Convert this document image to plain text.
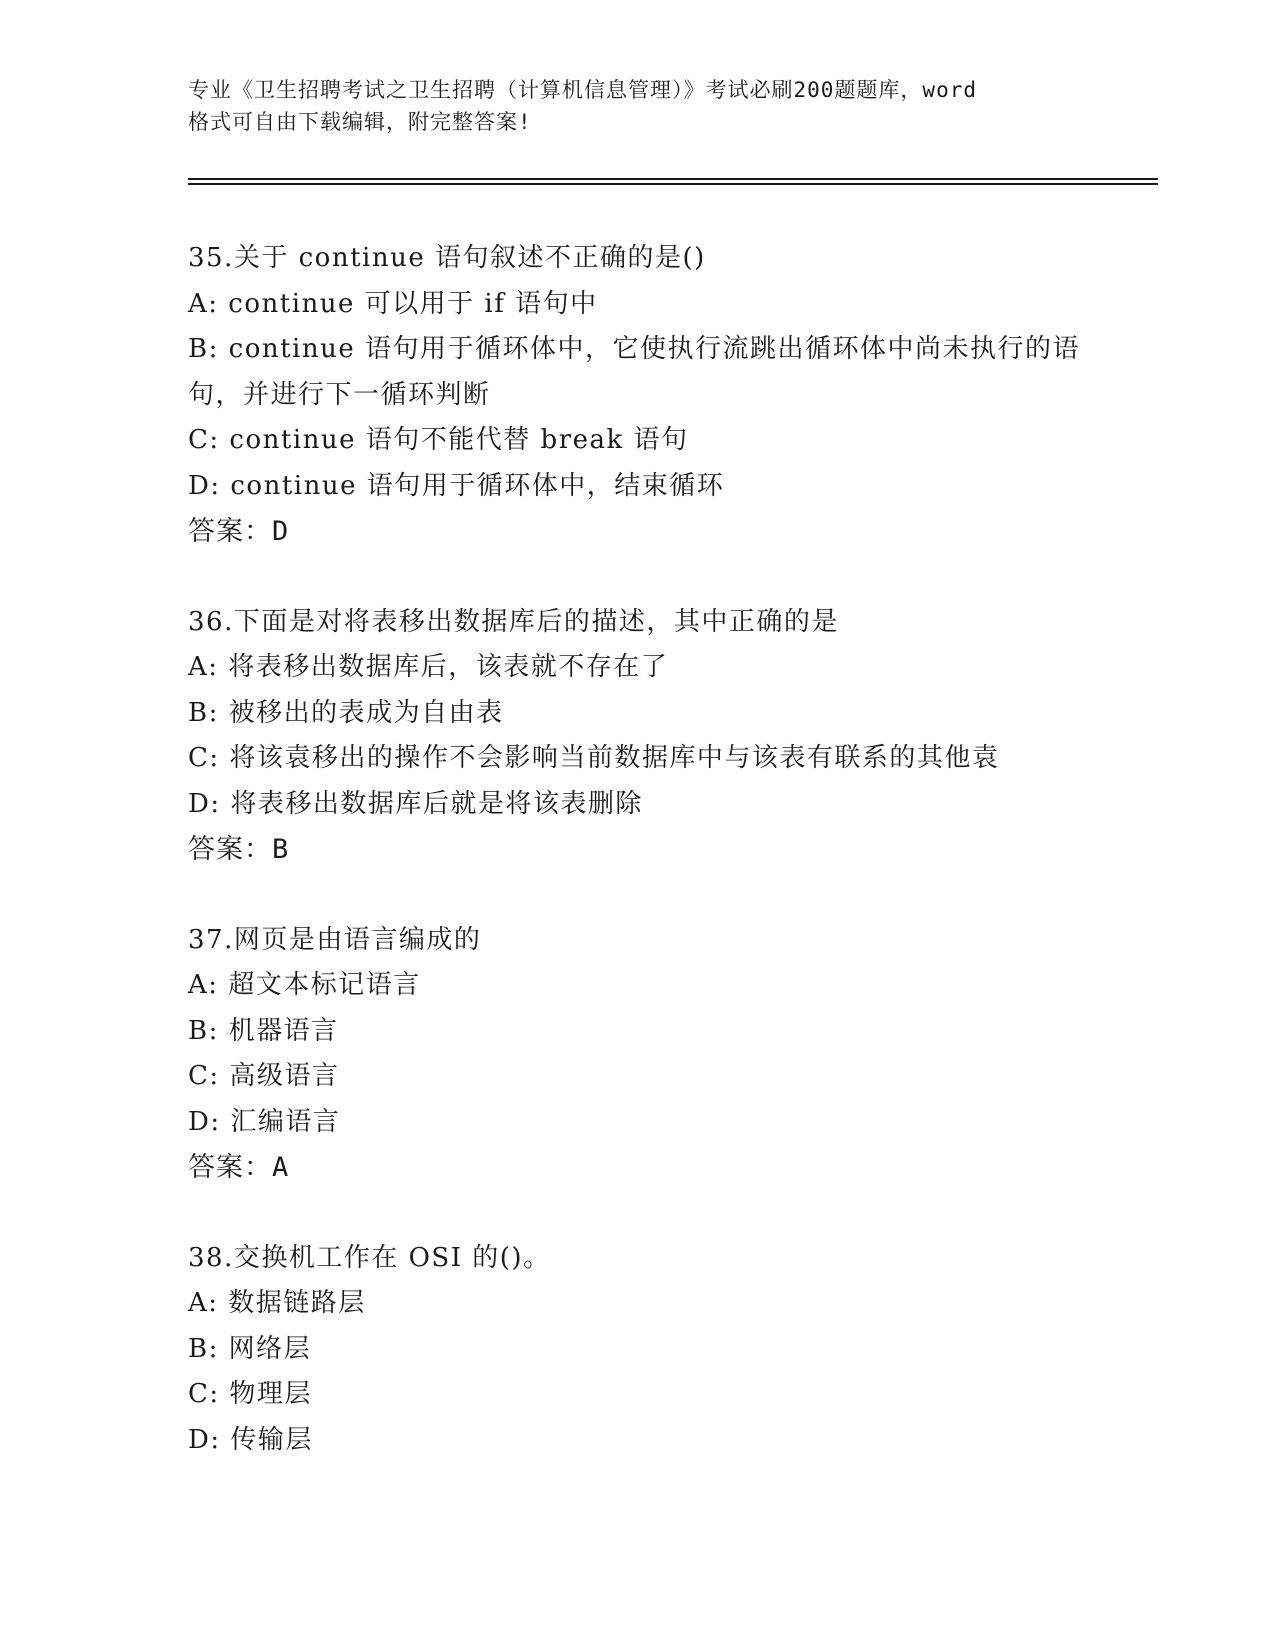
专业《卫生招聘考试之卫生招聘（计算机信息管理）》考试必刷200题题库，word
格式可自由下载编辑，附完整答案!
35.关于 continue 语句叙述不正确的是()
A: continue 可以用于 if 语句中
B: continue 语句用于循环体中，它使执行流跳出循环体中尚未执行的语句，并进行下一循环判断
C: continue 语句不能代替 break 语句
D: continue 语句用于循环体中，结束循环
答案：D
36.下面是对将表移出数据库后的描述，其中正确的是
A: 将表移出数据库后，该表就不存在了
B: 被移出的表成为自由表
C: 将该袁移出的操作不会影响当前数据库中与该表有联系的其他袁
D: 将表移出数据库后就是将该表删除
答案：B
37.网页是由语言编成的
A: 超文本标记语言
B: 机器语言
C: 高级语言
D: 汇编语言
答案：A
38.交换机工作在 OSI 的()。
A: 数据链路层
B: 网络层
C: 物理层
D: 传输层
